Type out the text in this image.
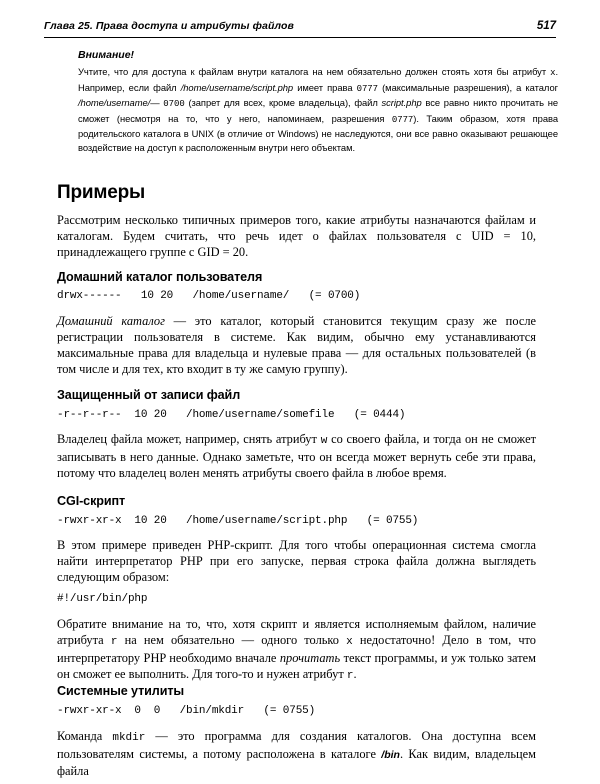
Глава 25. Права доступа и атрибуты файлов	517
Внимание!
Учтите, что для доступа к файлам внутри каталога на нем обязательно должен стоять хотя бы атрибут x. Например, если файл /home/username/script.php имеет права 0777 (максимальные разрешения), а каталог /home/username/— 0700 (запрет для всех, кроме владельца), файл script.php все равно никто прочитать не сможет (несмотря на то, что у него, напоминаем, разрешения 0777). Таким образом, хотя права родительского каталога в UNIX (в отличие от Windows) не наследуются, они все равно оказывают решающее воздействие на доступ к расположенным внутри него объектам.
Примеры
Рассмотрим несколько типичных примеров того, какие атрибуты назначаются файлам и каталогам. Будем считать, что речь идет о файлах пользователя с UID = 10, принадлежащего группе с GID = 20.
Домашний каталог пользователя
drwx------   10 20   /home/username/   (= 0700)
Домашний каталог — это каталог, который становится текущим сразу же после регистрации пользователя в системе. Как видим, обычно ему устанавливаются максимальные права для владельца и нулевые права — для остальных пользователей (в том числе и для тех, кто входит в ту же самую группу).
Защищенный от записи файл
-r--r--r--  10 20   /home/username/somefile   (= 0444)
Владелец файла может, например, снять атрибут w со своего файла, и тогда он не сможет записывать в него данные. Однако заметьте, что он всегда может вернуть себе эти права, потому что владелец волен менять атрибуты своего файла в любое время.
CGI-скрипт
-rwxr-xr-x  10 20   /home/username/script.php   (= 0755)
В этом примере приведен PHP-скрипт. Для того чтобы операционная система смогла найти интерпретатор PHP при его запуске, первая строка файла должна выглядеть следующим образом:
#!/usr/bin/php
Обратите внимание на то, что, хотя скрипт и является исполняемым файлом, наличие атрибута r на нем обязательно — одного только x недостаточно! Дело в том, что интерпретатору PHP необходимо вначале прочитать текст программы, и уж только затем он сможет ее выполнить. Для того-то и нужен атрибут r.
Системные утилиты
-rwxr-xr-x  0  0   /bin/mkdir   (= 0755)
Команда mkdir — это программа для создания каталогов. Она доступна всем пользователям системы, а потому расположена в каталоге /bin. Как видим, владельцем файла
